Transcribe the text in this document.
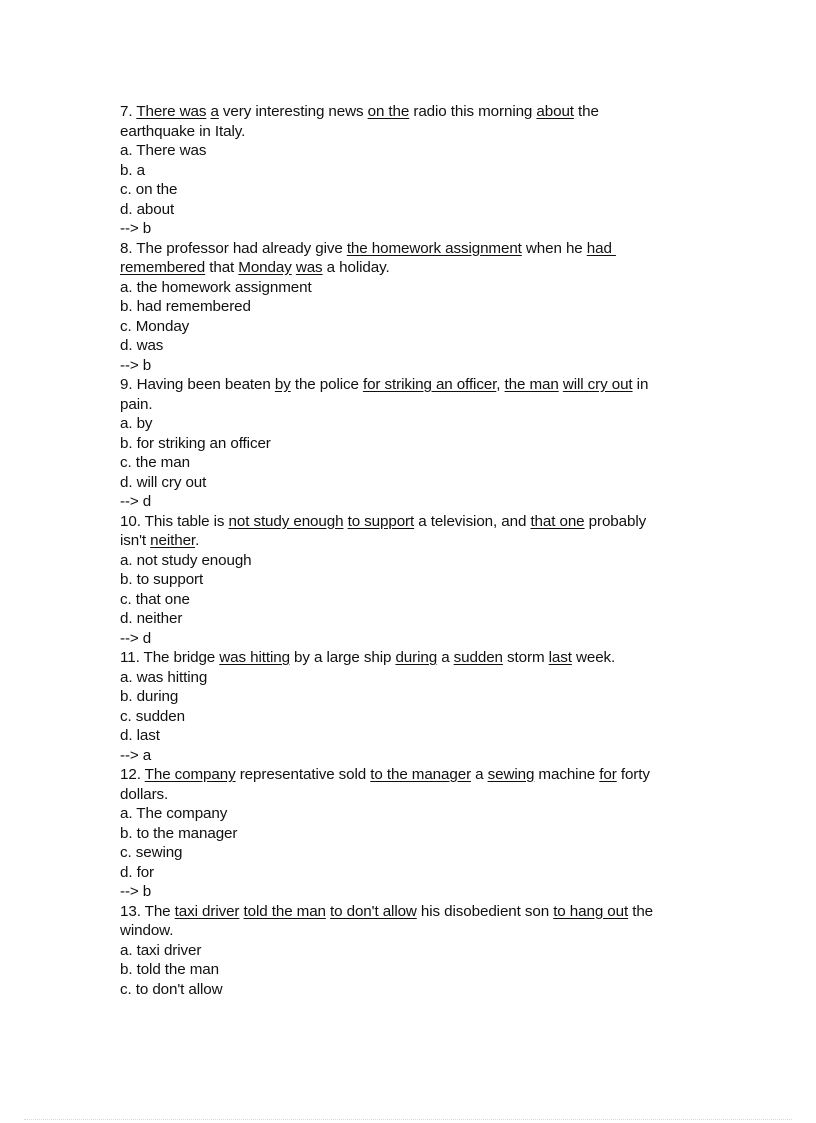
7. There was a very interesting news on the radio this morning about the
earthquake in Italy.
a. There was
b. a
c. on the
d. about
--> b
8. The professor had already give the homework assignment when he had
remembered that Monday was a holiday.
a. the homework assignment
b. had remembered
c. Monday
d. was
--> b
9. Having been beaten by the police for striking an officer, the man will cry out in
pain.
a. by
b. for striking an officer
c. the man
d. will cry out
--> d
10. This table is not study enough to support a television, and that one probably
isn't neither.
a. not study enough
b. to support
c. that one
d. neither
--> d
11. The bridge was hitting by a large ship during a sudden storm last week.
a. was hitting
b. during
c. sudden
d. last
--> a
12. The company representative sold to the manager a sewing machine for forty
dollars.
a. The company
b. to the manager
c. sewing
d. for
--> b
13. The taxi driver told the man to don't allow his disobedient son to hang out the
window.
a. taxi driver
b. told the man
c. to don't allow
